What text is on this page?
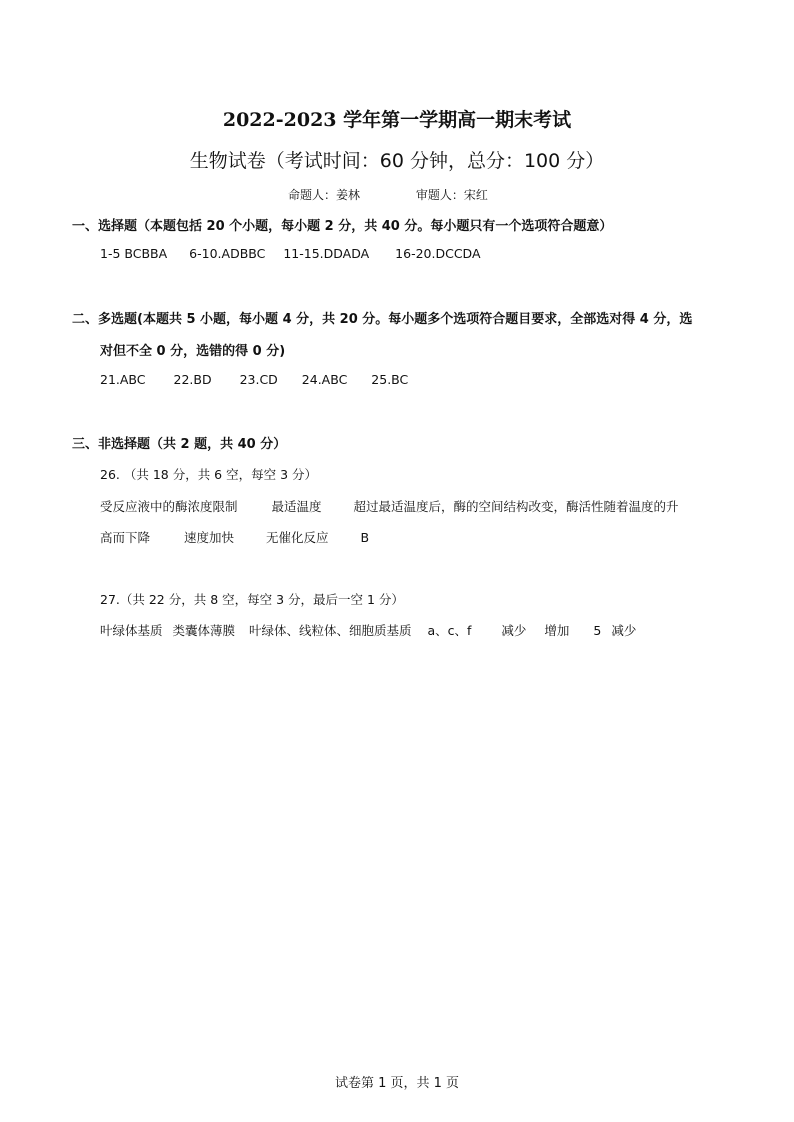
2022-2023 学年第一学期高一期末考试
生物试卷（考试时间：60 分钟，总分：100 分）
命题人：姜林	审题人：宋红
一、选择题（本题包括 20 个小题，每小题 2 分，共 40 分。每小题只有一个选项符合题意）
1-5 BCBBA 6-10.ADBBC 11-15.DDADA 16-20.DCCDA
二、多选题(本题共 5 小题，每小题 4 分，共 20 分。每小题多个选项符合题目要求，全部选对得 4 分，选
对但不全 0 分，选错的得 0 分)
21.ABC 22.BD 23.CD 24.ABC 25.BC
三、非选择题（共 2 题，共 40 分）
26. （共 18 分，共 6 空，每空 3 分）
受反应液中的酶浓度限制	最适温度	超过最适温度后，酶的空间结构改变，酶活性随着温度的升
高而下降	速度加快	无催化反应	B
27.（共 22 分，共 8 空，每空 3 分，最后一空 1 分）
叶绿体基质 类囊体薄膜 叶绿体、线粒体、细胞质基质 a、c、f 减少 增加 5 减少
试卷第 1 页，共 1 页
